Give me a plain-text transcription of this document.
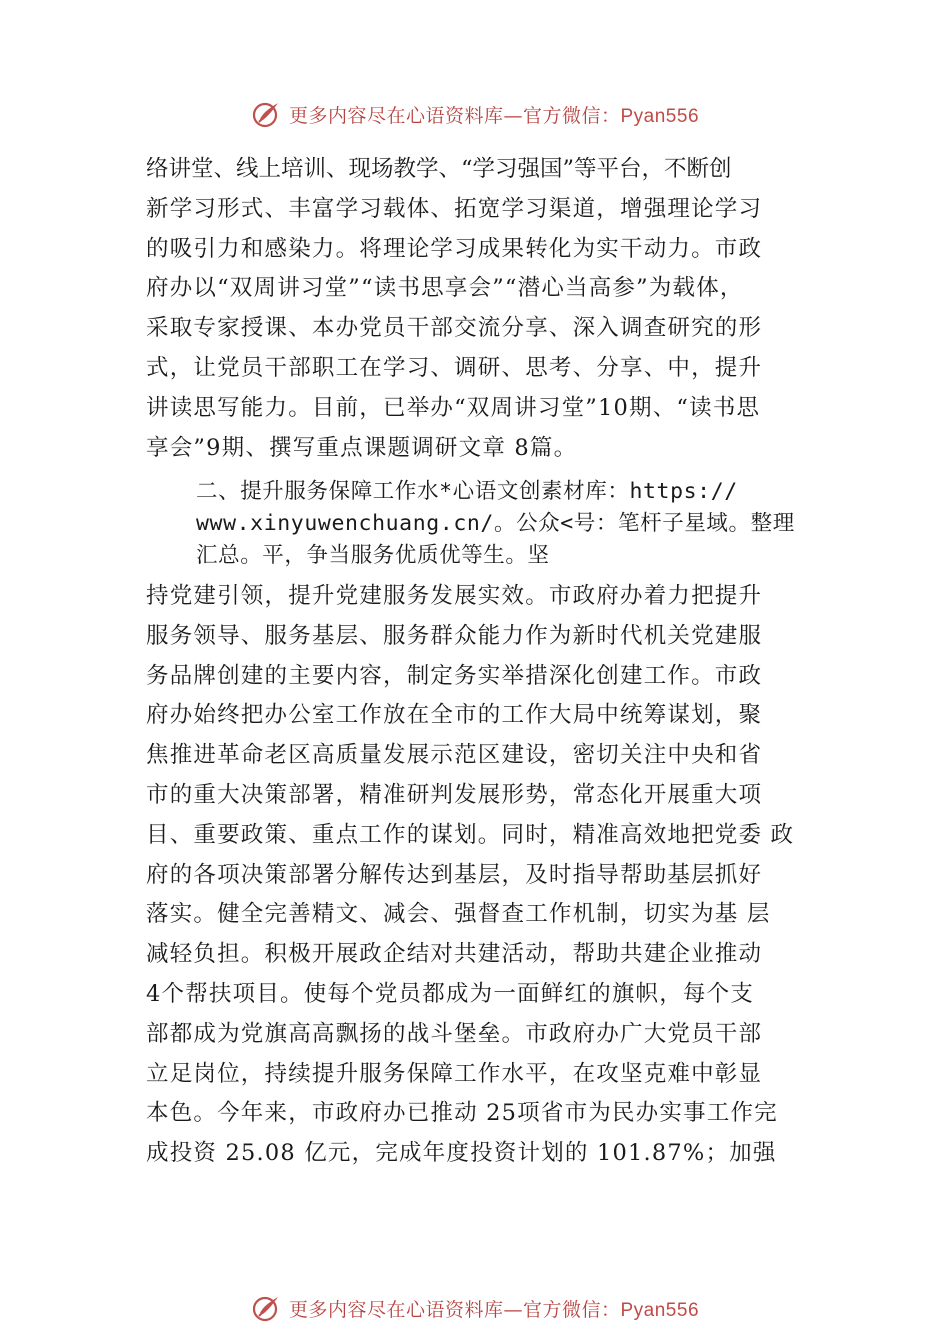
更多内容尽在心语资料库—官方微信：Pyan556
络讲堂、线上培训、现场教学、“学习强国”等平台，不断创
新学习形式、丰富学习载体、拓宽学习渠道，增强理论学习
的吸引力和感染力。将理论学习成果转化为实干动力。市政
府办以“双周讲习堂”“读书思享会”“潜心当高参”为载体，
采取专家授课、本办党员干部交流分享、深入调查研究的形
式，让党员干部职工在学习、调研、思考、分享、中，提升
讲读思写能力。目前，已举办“双周讲习堂”10期、“读书思
享会”9期、撰写重点课题调研文章 8篇。
二、提升服务保障工作水*心语文创素材库：https://
www.xinyuwenchuang.cn/。公众<号：笔杆子星域。整理
汇总。平，争当服务优质优等生。坚
持党建引领，提升党建服务发展实效。市政府办着力把提升
服务领导、服务基层、服务群众能力作为新时代机关党建服
务品牌创建的主要内容，制定务实举措深化创建工作。市政
府办始终把办公室工作放在全市的工作大局中统筹谋划，聚
焦推进革命老区高质量发展示范区建设，密切关注中央和省
市的重大决策部署，精准研判发展形势，常态化开展重大项
目、重要政策、重点工作的谋划。同时，精准高效地把党委 政
府的各项决策部署分解传达到基层，及时指导帮助基层抓好
落实。健全完善精文、减会、强督查工作机制，切实为基 层
减轻负担。积极开展政企结对共建活动，帮助共建企业推动
4个帮扶项目。使每个党员都成为一面鲜红的旗帜，每个支
部都成为党旗高高飘扬的战斗堡垒。市政府办广大党员干部
立足岗位，持续提升服务保障工作水平，在攻坚克难中彰显
本色。今年来，市政府办已推动 25项省市为民办实事工作完
成投资 25.08 亿元，完成年度投资计划的 101.87%；加强
更多内容尽在心语资料库—官方微信：Pyan556
